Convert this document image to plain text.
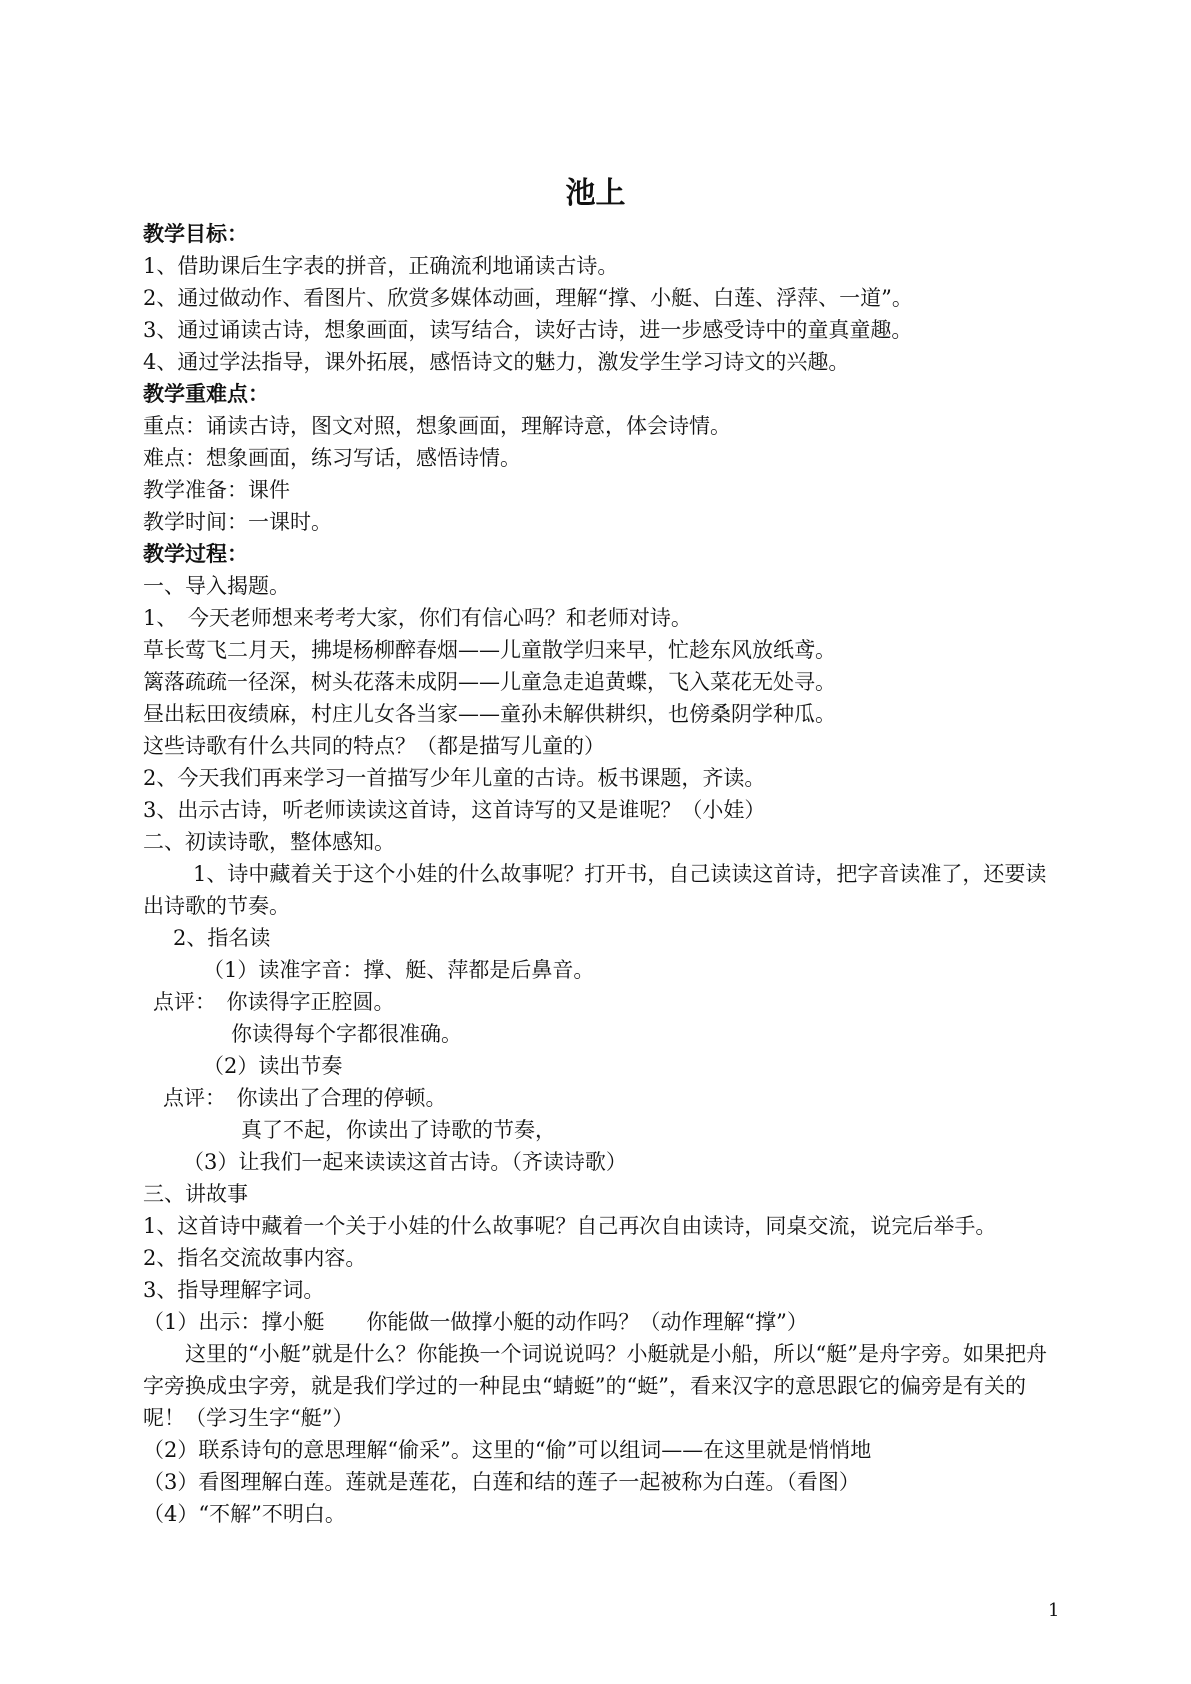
池上
教学目标：
1、借助课后生字表的拼音，正确流利地诵读古诗。
2、通过做动作、看图片、欣赏多媒体动画，理解“撑、小艇、白莲、浮萍、一道”。
3、通过诵读古诗，想象画面，读写结合，读好古诗，进一步感受诗中的童真童趣。
4、通过学法指导，课外拓展，感悟诗文的魅力，激发学生学习诗文的兴趣。
教学重难点：
重点：诵读古诗，图文对照，想象画面，理解诗意，体会诗情。
难点：想象画面，练习写话，感悟诗情。
教学准备：课件
教学时间：一课时。
教学过程：
一、导入揭题。
1、　今天老师想来考考大家，你们有信心吗？和老师对诗。
草长莺飞二月天，拂堤杨柳醉春烟——儿童散学归来早，忙趁东风放纸鸢。
篱落疏疏一径深，树头花落未成阴——儿童急走追黄蝶，飞入菜花无处寻。
昼出耘田夜绩麻，村庄儿女各当家——童孙未解供耕织，也傍桑阴学种瓜。
这些诗歌有什么共同的特点？（都是描写儿童的）
2、今天我们再来学习一首描写少年儿童的古诗。板书课题，齐读。
3、出示古诗，听老师读读这首诗，这首诗写的又是谁呢？（小娃）
二、初读诗歌，整体感知。
1、诗中藏着关于这个小娃的什么故事呢？打开书，自己读读这首诗，把字音读准了，还要读出诗歌的节奏。
2、指名读
（1）读准字音：撑、艇、萍都是后鼻音。
点评：　你读得字正腔圆。
你读得每个字都很准确。
（2）读出节奏
点评：　你读出了合理的停顿。
真了不起，你读出了诗歌的节奏，
（3）让我们一起来读读这首古诗。（齐读诗歌）
三、讲故事
1、这首诗中藏着一个关于小娃的什么故事呢？自己再次自由读诗，同桌交流，说完后举手。
2、指名交流故事内容。
3、指导理解字词。
（1）出示：撑小艇　　你能做一做撑小艇的动作吗？（动作理解“撑”）
这里的“小艇”就是什么？你能换一个词说说吗？小艇就是小船，所以“艇”是舟字旁。如果把舟字旁换成虫字旁，就是我们学过的一种昆虫“蜻蜓”的“蜓”，看来汉字的意思跟它的偏旁是有关的呢！（学习生字“艇”）
（2）联系诗句的意思理解“偷采”。这里的“偷”可以组词——在这里就是悄悄地
（3）看图理解白莲。莲就是莲花，白莲和结的莲子一起被称为白莲。（看图）
（4）“不解”不明白。
1
